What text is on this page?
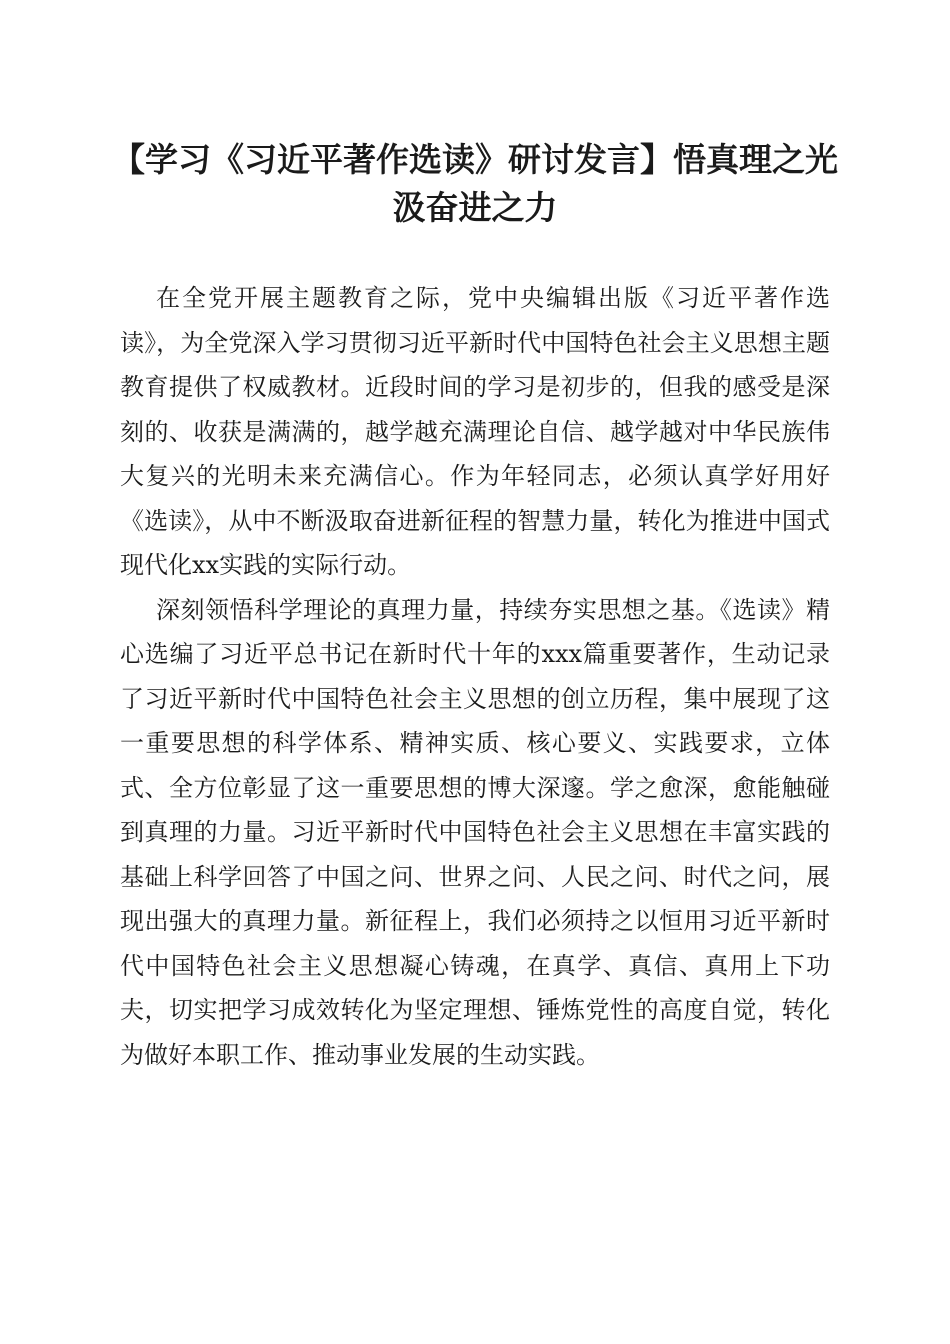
【学习《习近平著作选读》研讨发言】悟真理之光汲奋进之力

在全党开展主题教育之际，党中央编辑出版《习近平著作选读》，为全党深入学习贯彻习近平新时代中国特色社会主义思想主题教育提供了权威教材。近段时间的学习是初步的，但我的感受是深刻的、收获是满满的，越学越充满理论自信、越学越对中华民族伟大复兴的光明未来充满信心。作为年轻同志，必须认真学好用好《选读》，从中不断汲取奋进新征程的智慧力量，转化为推进中国式现代化xx实践的实际行动。

深刻领悟科学理论的真理力量，持续夯实思想之基。《选读》精心选编了习近平总书记在新时代十年的xxx篇重要著作，生动记录了习近平新时代中国特色社会主义思想的创立历程，集中展现了这一重要思想的科学体系、精神实质、核心要义、实践要求，立体式、全方位彰显了这一重要思想的博大深邃。学之愈深，愈能触碰到真理的力量。习近平新时代中国特色社会主义思想在丰富实践的基础上科学回答了中国之问、世界之问、人民之问、时代之问，展现出强大的真理力量。新征程上，我们必须持之以恒用习近平新时代中国特色社会主义思想凝心铸魂，在真学、真信、真用上下功夫，切实把学习成效转化为坚定理想、锤炼党性的高度自觉，转化为做好本职工作、推动事业发展的生动实践。
